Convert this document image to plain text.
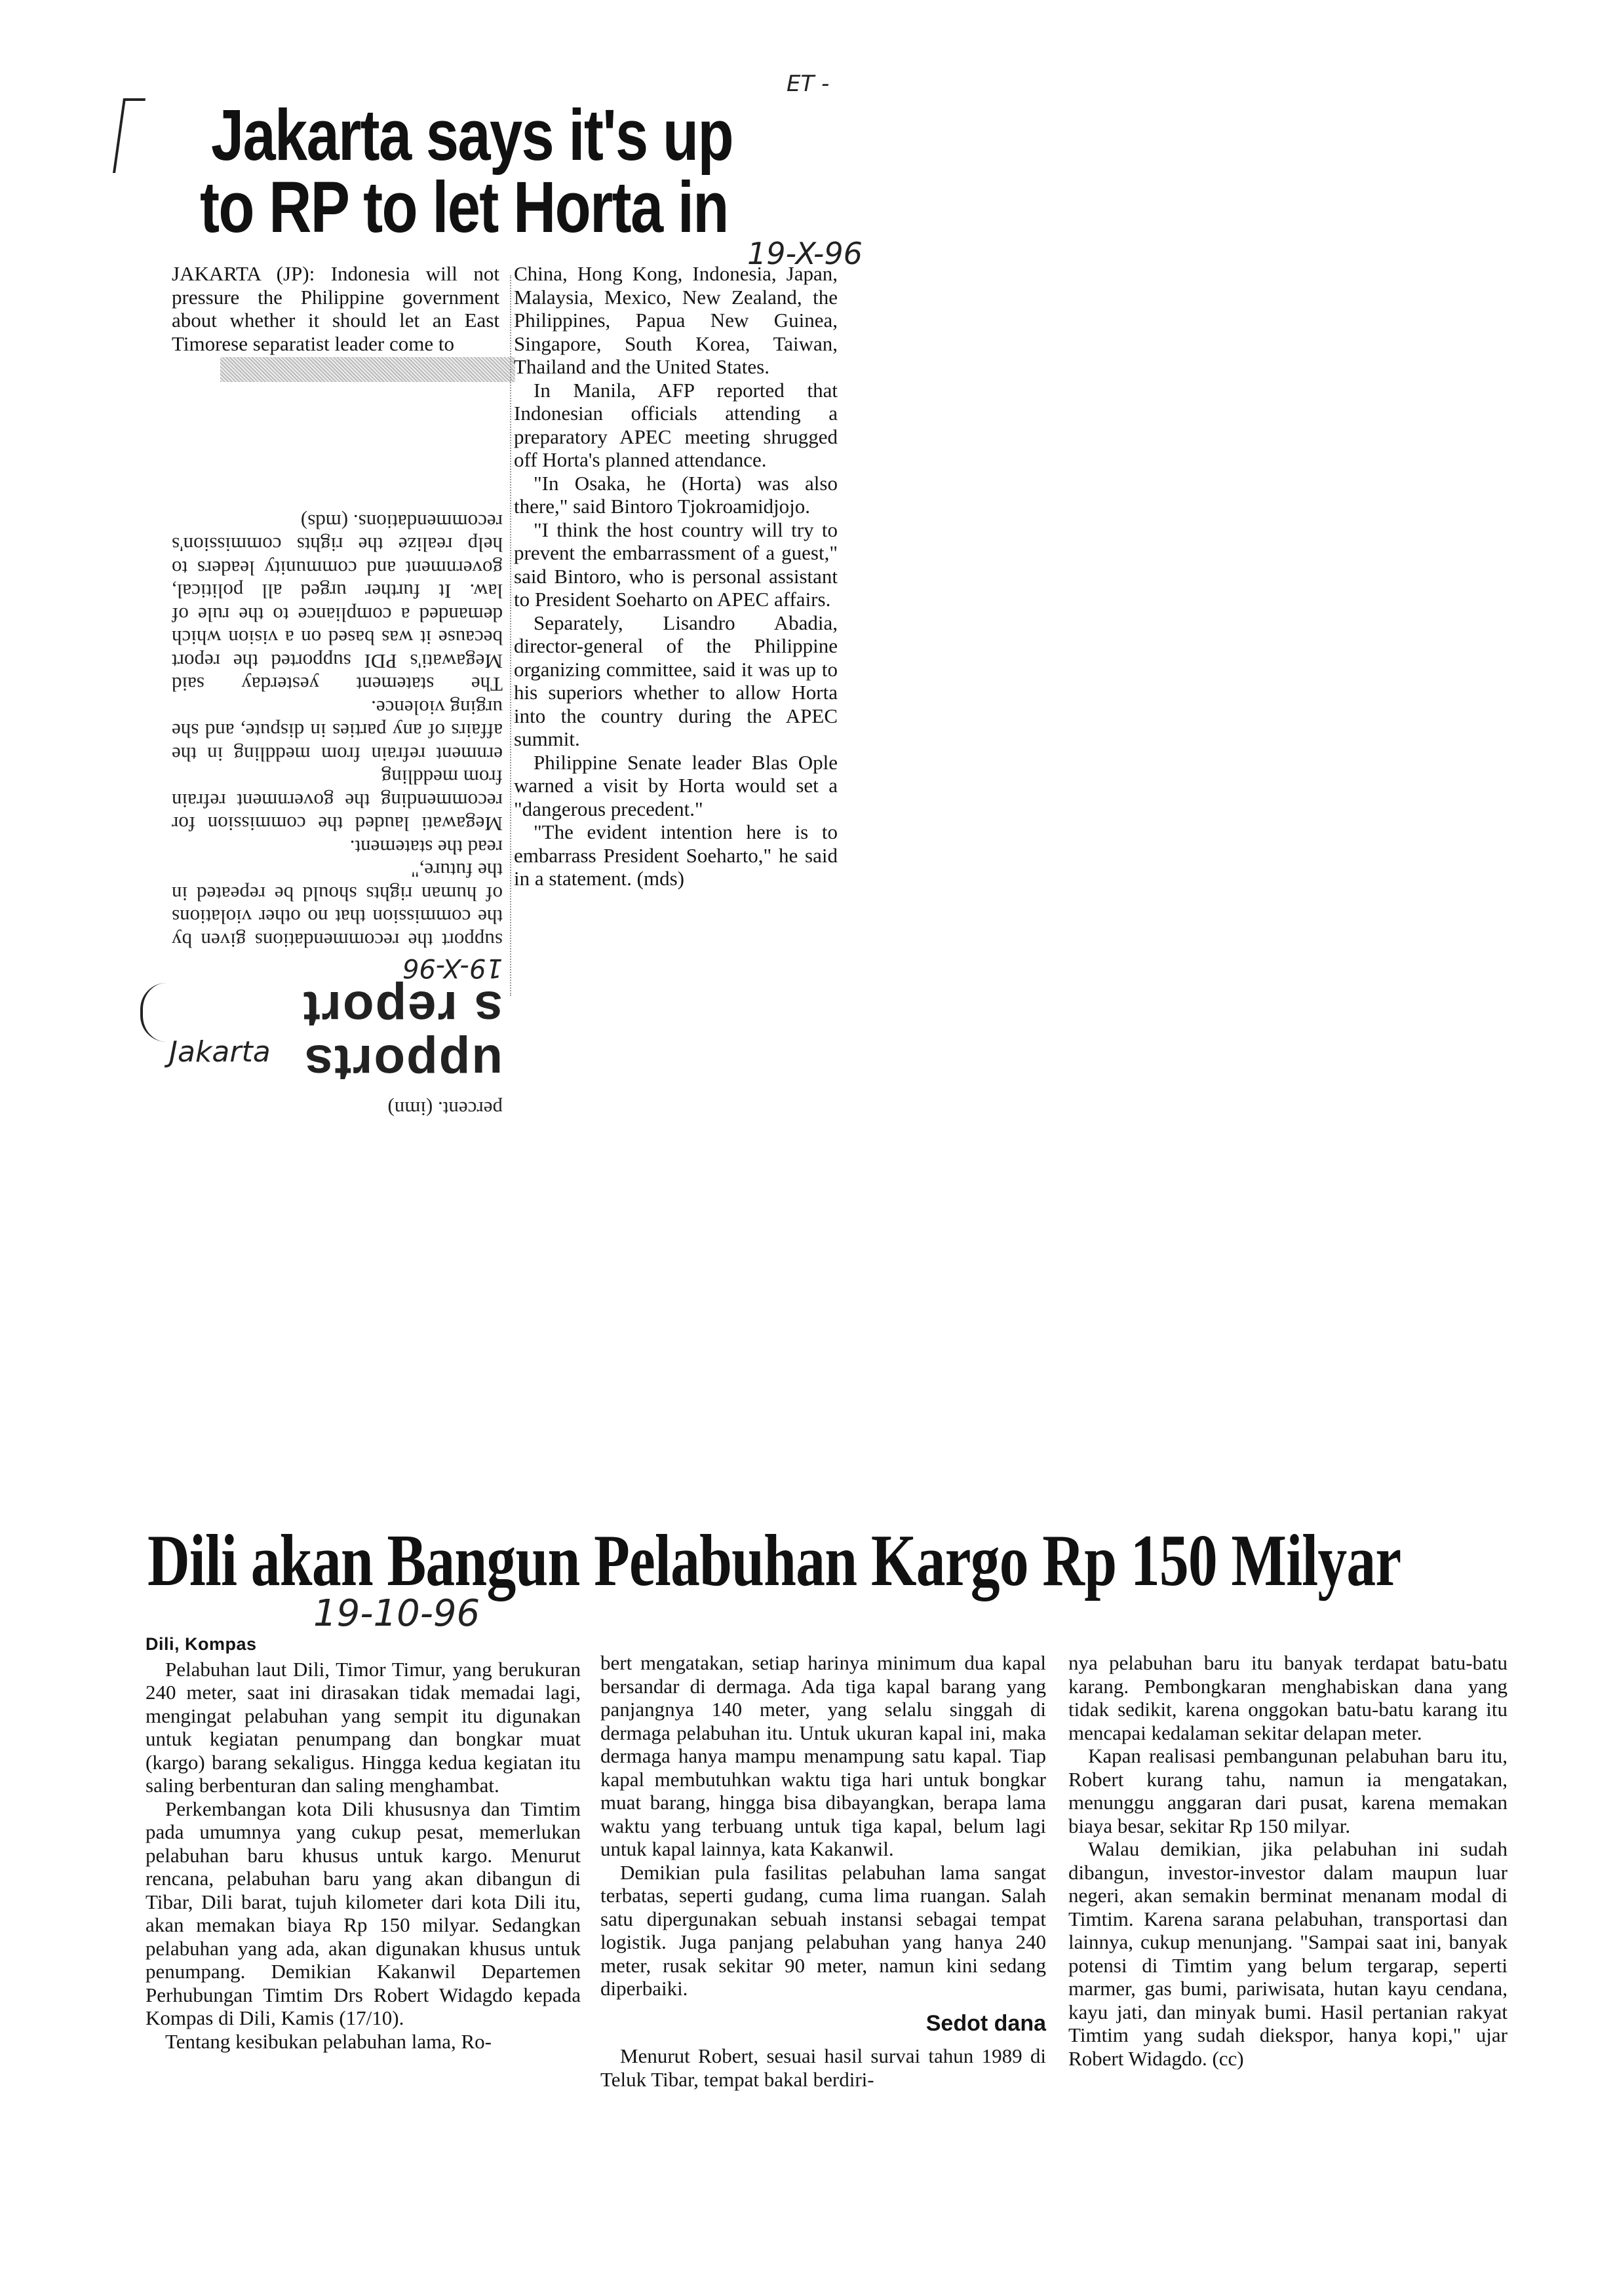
ET -
19-X-96
19-10-96
Jakarta says it's up
to RP to let Horta in

JAKARTA (JP): Indonesia will not pressure the Philippine government about whether it should let an East Timorese separatist leader come to

percent. (imn)
upports
s report
19-X-96
support the recommendations given by the commission that no other violations of human rights should be repeated in the future,"
read the statement.
Megawati lauded the commission for recommending the government refrain from meddling
ernment refrain from meddling in the affairs of any parties in dispute, and she urging violence.
The statement yesterday said Megawati's PDI supported the report because it was based on a vision which demanded a compliance to the rule of law. It further urged all political, government and community leaders to help realize the rights commission's recommendations. (mds)
Jakarta

China, Hong Kong, Indonesia, Japan, Malaysia, Mexico, New Zealand, the Philippines, Papua New Guinea, Singapore, South Korea, Taiwan, Thailand and the United States.

In Manila, AFP reported that Indonesian officials attending a preparatory APEC meeting shrugged off Horta's planned attendance.

"In Osaka, he (Horta) was also there," said Bintoro Tjokroamidjojo.

"I think the host country will try to prevent the embarrassment of a guest," said Bintoro, who is personal assistant to President Soeharto on APEC affairs.

Separately, Lisandro Abadia, director-general of the Philippine organizing committee, said it was up to his superiors whether to allow Horta into the country during the APEC summit.

Philippine Senate leader Blas Ople warned a visit by Horta would set a "dangerous precedent."

"The evident intention here is to embarrass President Soeharto," he said in a statement. (mds)

Dili akan Bangun Pelabuhan Kargo Rp 150 Milyar
Dili, Kompas

Pelabuhan laut Dili, Timor Timur, yang berukuran 240 meter, saat ini dirasakan tidak memadai lagi, mengingat pelabuhan yang sempit itu digunakan untuk kegiatan penumpang dan bongkar muat (kargo) barang sekaligus. Hingga kedua kegiatan itu saling berbenturan dan saling menghambat.

Perkembangan kota Dili khususnya dan Timtim pada umumnya yang cukup pesat, memerlukan pelabuhan baru khusus untuk kargo. Menurut rencana, pelabuhan baru yang akan dibangun di Tibar, Dili barat, tujuh kilometer dari kota Dili itu, akan memakan biaya Rp 150 milyar. Sedangkan pelabuhan yang ada, akan digunakan khusus untuk penumpang. Demikian Kakanwil Departemen Perhubungan Timtim Drs Robert Widagdo kepada Kompas di Dili, Kamis (17/10).

Tentang kesibukan pelabuhan lama, Ro-

bert mengatakan, setiap harinya minimum dua kapal bersandar di dermaga. Ada tiga kapal barang yang panjangnya 140 meter, yang selalu singgah di dermaga pelabuhan itu. Untuk ukuran kapal ini, maka dermaga hanya mampu menampung satu kapal. Tiap kapal membutuhkan waktu tiga hari untuk bongkar muat barang, hingga bisa dibayangkan, berapa lama waktu yang terbuang untuk tiga kapal, belum lagi untuk kapal lainnya, kata Kakanwil.

Demikian pula fasilitas pelabuhan lama sangat terbatas, seperti gudang, cuma lima ruangan. Salah satu dipergunakan sebuah instansi sebagai tempat logistik. Juga panjang pelabuhan yang hanya 240 meter, rusak sekitar 90 meter, namun kini sedang diperbaiki.

Sedot dana

Menurut Robert, sesuai hasil survai tahun 1989 di Teluk Tibar, tempat bakal berdiri-

nya pelabuhan baru itu banyak terdapat batu-batu karang. Pembongkaran menghabiskan dana yang tidak sedikit, karena onggokan batu-batu karang itu mencapai kedalaman sekitar delapan meter.

Kapan realisasi pembangunan pelabuhan baru itu, Robert kurang tahu, namun ia mengatakan, menunggu anggaran dari pusat, karena memakan biaya besar, sekitar Rp 150 milyar.

Walau demikian, jika pelabuhan ini sudah dibangun, investor-investor dalam maupun luar negeri, akan semakin berminat menanam modal di Timtim. Karena sarana pelabuhan, transportasi dan lainnya, cukup menunjang. "Sampai saat ini, banyak potensi di Timtim yang belum tergarap, seperti marmer, gas bumi, pariwisata, hutan kayu cendana, kayu jati, dan minyak bumi. Hasil pertanian rakyat Timtim yang sudah diekspor, hanya kopi," ujar Robert Widagdo. (cc)
